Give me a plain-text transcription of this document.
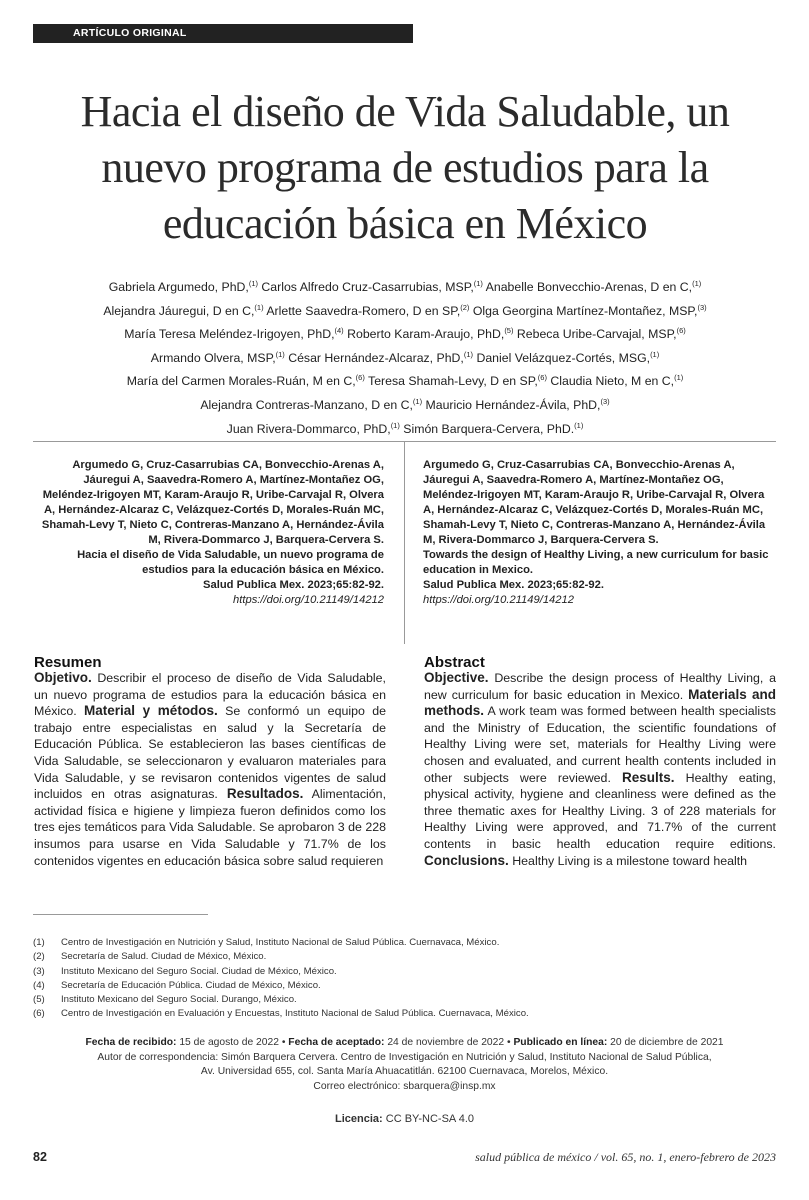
ARTÍCULO ORIGINAL
Hacia el diseño de Vida Saludable, un nuevo programa de estudios para la educación básica en México
Gabriela Argumedo, PhD,$^{(1)}$ Carlos Alfredo Cruz-Casarrubias, MSP,$^{(1)}$ Anabelle Bonvecchio-Arenas, D en C,$^{(1)}$
Alejandra Jáuregui, D en C,$^{(1)}$ Arlette Saavedra-Romero, D en SP,$^{(2)}$ Olga Georgina Martínez-Montañez, MSP,$^{(3)}$
María Teresa Meléndez-Irigoyen, PhD,$^{(4)}$ Roberto Karam-Araujo, PhD,$^{(5)}$ Rebeca Uribe-Carvajal, MSP,$^{(6)}$
Armando Olvera, MSP,$^{(1)}$ César Hernández-Alcaraz, PhD,$^{(1)}$ Daniel Velázquez-Cortés, MSG,$^{(1)}$
María del Carmen Morales-Ruán, M en C,$^{(6)}$ Teresa Shamah-Levy, D en SP,$^{(6)}$ Claudia Nieto, M en C,$^{(1)}$
Alejandra Contreras-Manzano, D en C,$^{(1)}$ Mauricio Hernández-Ávila, PhD,$^{(3)}$
Juan Rivera-Dommarco, PhD,$^{(1)}$ Simón Barquera-Cervera, PhD.$^{(1)}$
Argumedo G, Cruz-Casarrubias CA, Bonvecchio-Arenas A, Jáuregui A, Saavedra-Romero A, Martínez-Montañez OG, Meléndez-Irigoyen MT, Karam-Araujo R, Uribe-Carvajal R, Olvera A, Hernández-Alcaraz C, Velázquez-Cortés D, Morales-Ruán MC, Shamah-Levy T, Nieto C, Contreras-Manzano A, Hernández-Ávila M, Rivera-Dommarco J, Barquera-Cervera S.
Hacia el diseño de Vida Saludable, un nuevo programa de estudios para la educación básica en México.
Salud Publica Mex. 2023;65:82-92.
https://doi.org/10.21149/14212
Argumedo G, Cruz-Casarrubias CA, Bonvecchio-Arenas A, Jáuregui A, Saavedra-Romero A, Martínez-Montañez OG, Meléndez-Irigoyen MT, Karam-Araujo R, Uribe-Carvajal R, Olvera A, Hernández-Alcaraz C, Velázquez-Cortés D, Morales-Ruán MC, Shamah-Levy T, Nieto C, Contreras-Manzano A, Hernández-Ávila M, Rivera-Dommarco J, Barquera-Cervera S.
Towards the design of Healthy Living, a new curriculum for basic education in Mexico.
Salud Publica Mex. 2023;65:82-92.
https://doi.org/10.21149/14212
Resumen
Objetivo. Describir el proceso de diseño de Vida Saludable, un nuevo programa de estudios para la educación básica en México. Material y métodos. Se conformó un equipo de trabajo entre especialistas en salud y la Secretaría de Educación Pública. Se establecieron las bases científicas de Vida Saludable, se seleccionaron y evaluaron materiales para Vida Saludable, y se revisaron contenidos vigentes de salud incluidos en otras asignaturas. Resultados. Alimentación, actividad física e higiene y limpieza fueron definidos como los tres ejes temáticos para Vida Saludable. Se aprobaron 3 de 228 insumos para usarse en Vida Saludable y 71.7% de los contenidos vigentes en educación básica sobre salud requieren
Abstract
Objective. Describe the design process of Healthy Living, a new curriculum for basic education in Mexico. Materials and methods. A work team was formed between health specialists and the Ministry of Education, the scientific foundations of Healthy Living were set, materials for Healthy Living were chosen and evaluated, and current health contents included in other subjects were reviewed. Results. Healthy eating, physical activity, hygiene and cleanliness were defined as the three thematic axes for Healthy Living. 3 of 228 materials for Healthy Living were approved, and 71.7% of the current contents in basic health education require editions. Conclusions. Healthy Living is a milestone toward health
(1)	Centro de Investigación en Nutrición y Salud, Instituto Nacional de Salud Pública. Cuernavaca, México.
(2)	Secretaría de Salud. Ciudad de México, México.
(3)	Instituto Mexicano del Seguro Social. Ciudad de México, México.
(4)	Secretaría de Educación Pública. Ciudad de México, México.
(5)	Instituto Mexicano del Seguro Social. Durango, México.
(6)	Centro de Investigación en Evaluación y Encuestas, Instituto Nacional de Salud Pública. Cuernavaca, México.
Fecha de recibido: 15 de agosto de 2022 • Fecha de aceptado: 24 de noviembre de 2022 • Publicado en línea: 20 de diciembre de 2021
Autor de correspondencia: Simón Barquera Cervera. Centro de Investigación en Nutrición y Salud, Instituto Nacional de Salud Pública,
Av. Universidad 655, col. Santa María Ahuacatitlán. 62100 Cuernavaca, Morelos, México.
Correo electrónico: sbarquera@insp.mx
Licencia: CC BY-NC-SA 4.0
82	salud pública de méxico / vol. 65, no. 1, enero-febrero de 2023
